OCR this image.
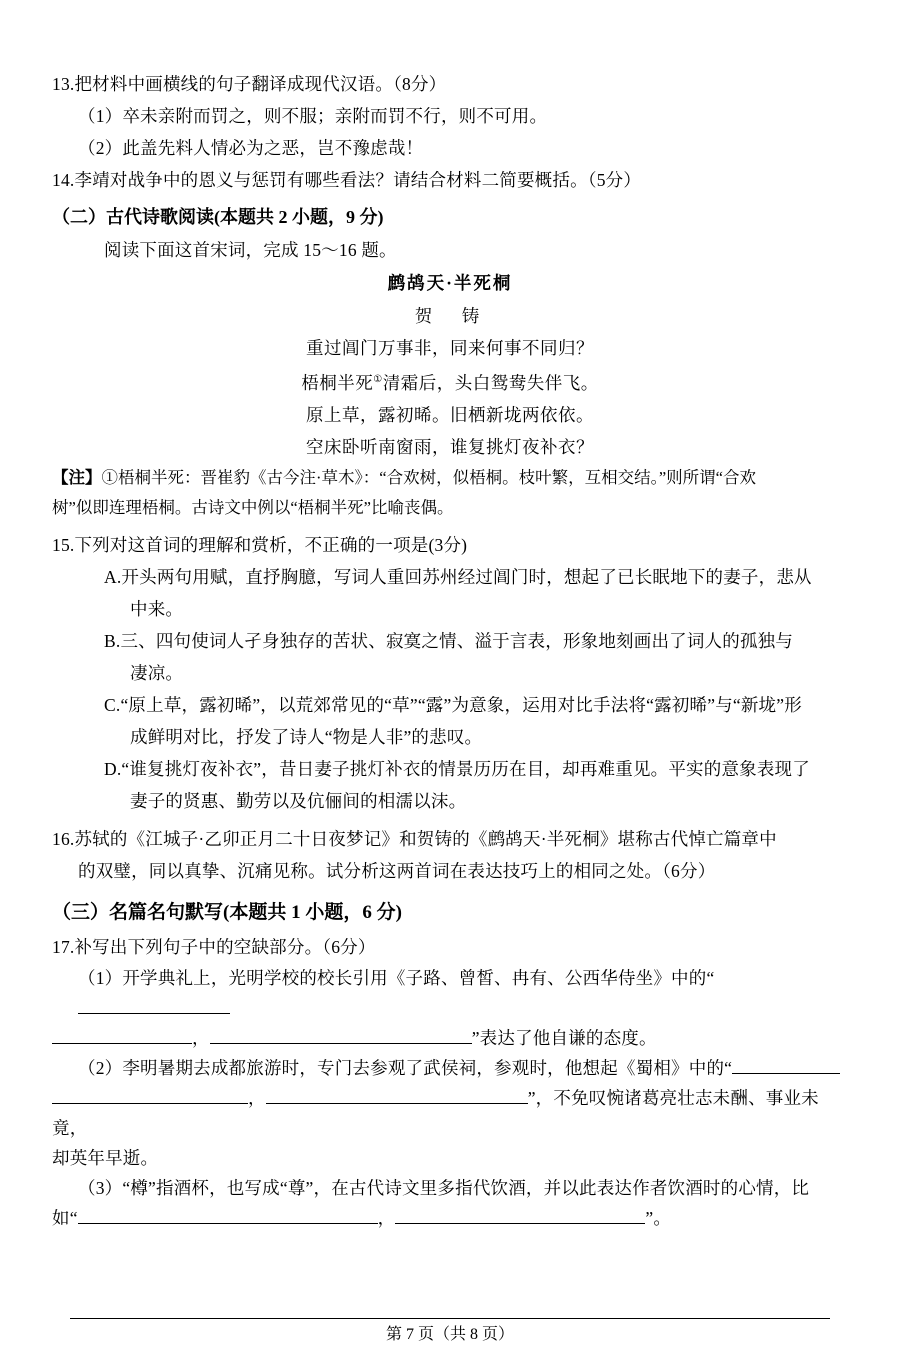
13.把材料中画横线的句子翻译成现代汉语。（8分）
（1）卒未亲附而罚之，则不服；亲附而罚不行，则不可用。
（2）此盖先料人情必为之恶，岂不豫虑哉！
14.李靖对战争中的恩义与惩罚有哪些看法？请结合材料二简要概括。（5分）
（二）古代诗歌阅读(本题共 2 小题，9 分)
阅读下面这首宋词，完成 15～16 题。
鹧鸪天·半死桐
贺　铸
重过阊门万事非，同来何事不同归？
梧桐半死①清霜后，头白鸳鸯失伴飞。
原上草，露初晞。旧栖新垅两依依。
空床卧听南窗雨，谁复挑灯夜补衣？
【注】①梧桐半死：晋崔豹《古今注·草木》：“合欢树，似梧桐。枝叶繁，互相交结。”则所谓“合欢
树”似即连理梧桐。古诗文中例以“梧桐半死”比喻丧偶。
15.下列对这首词的理解和赏析，不正确的一项是(3分)
A.开头两句用赋，直抒胸臆，写词人重回苏州经过阊门时，想起了已长眠地下的妻子，悲从
中来。
B.三、四句使词人孑身独存的苦状、寂寞之情、溢于言表，形象地刻画出了词人的孤独与
凄凉。
C.“原上草，露初晞”，以荒郊常见的“草”“露”为意象，运用对比手法将“露初晞”与“新垅”形
成鲜明对比，抒发了诗人“物是人非”的悲叹。
D.“谁复挑灯夜补衣”，昔日妻子挑灯补衣的情景历历在目，却再难重见。平实的意象表现了
妻子的贤惠、勤劳以及伉俪间的相濡以沫。
16.苏轼的《江城子·乙卯正月二十日夜梦记》和贺铸的《鹧鸪天·半死桐》堪称古代悼亡篇章中
的双璧，同以真挚、沉痛见称。试分析这两首词在表达技巧上的相同之处。（6分）
（三）名篇名句默写(本题共 1 小题，6 分)
17.补写出下列句子中的空缺部分。（6分）
（1）开学典礼上，光明学校的校长引用《子路、曾皙、冉有、公西华侍坐》中的“
，	”表达了他自谦的态度。
（2）李明暑期去成都旅游时，专门去参观了武侯祠，参观时，他想起《蜀相》中的“
，	”，不免叹惋诸葛亮壮志未酬、事业未竟，
却英年早逝。
（3）“樽”指酒杯，也写成“尊”，在古代诗文里多指代饮酒，并以此表达作者饮酒时的心情，比
如“	，	”。
第 7 页（共 8 页）
